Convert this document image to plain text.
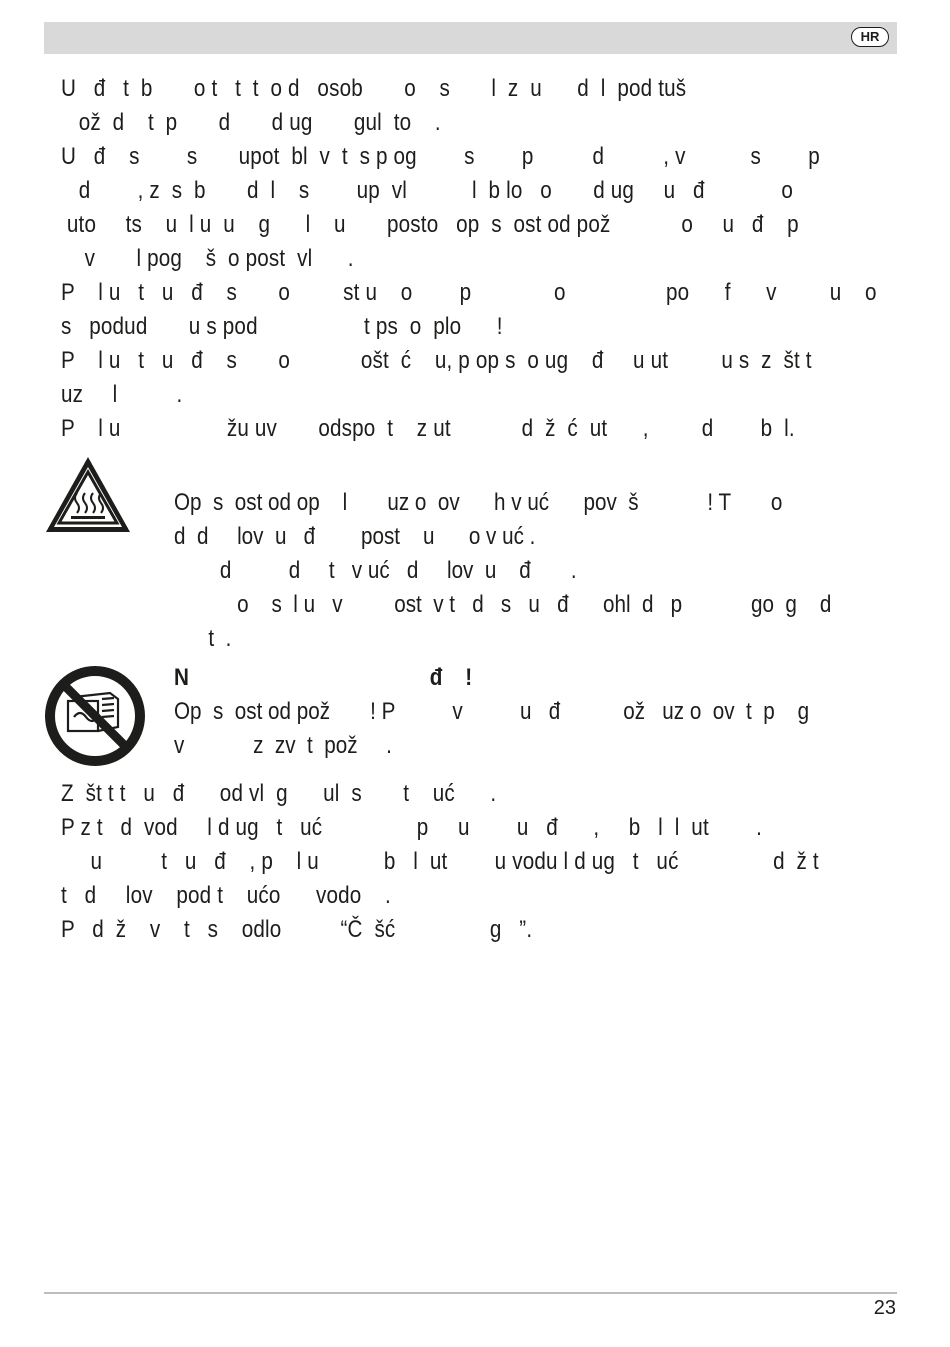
HR
U   đ   t  b       o t   t  t  o d   osob       o    s       l  z  u      d  l  pod tuš
ož  d    t  p       d       d ug       gul  to    .
U   đ    s        s       upot  bl  v  t  s p og        s        p          d          , v           s        p
d        , z  s  b       d  l    s        up  vl           l  b lo   o       d ug     u   đ             o
uto     ts    u  l u  u    g      l    u       posto   op  s  ost od pož            o     u   đ    p
v       l pog    š  o post  vl      .
P    l u   t   u   đ    s       o         st u    o        p              o                 po      f      v         u    o
s   podud       u s pod                  t ps  o  plo      !
P    l u   t   u   đ    s       o            ošt  ć    u, p op s  o ug    đ     u ut         u s  z  št t
uz     l          .
P    l u                  žu uv       odspo  t    z ut            d  ž  ć  ut      ,         d        b  l.
Op  s  ost od op    l       uz o  ov      h v uć      pov  š            ! T       o
d  d     lov  u   đ        post    u      o v uć .
d          d     t   v uć   d     lov  u    đ       .
o    s  l u   v         ost  v t   d   s   u   đ      ohl  d   p            go  g    d
t  .
N                                          đ    !
Op  s  ost od pož       ! P          v          u   đ           ož   uz o  ov  t  p    g
v            z  zv  t  pož     .
Z  št t t   u   đ      od vl  g      ul  s       t    uć      .
P z t   d  vod     l d ug   t   uć                p     u        u   đ      ,     b   l  l  ut        .
u          t   u   đ    , p    l u           b   l  ut        u vodu l d ug   t   uć                d  ž t
t   d     lov    pod t    ućo      vodo    .
P   d  ž    v    t   s    odlo          “Č  šć                g   ”.
23
